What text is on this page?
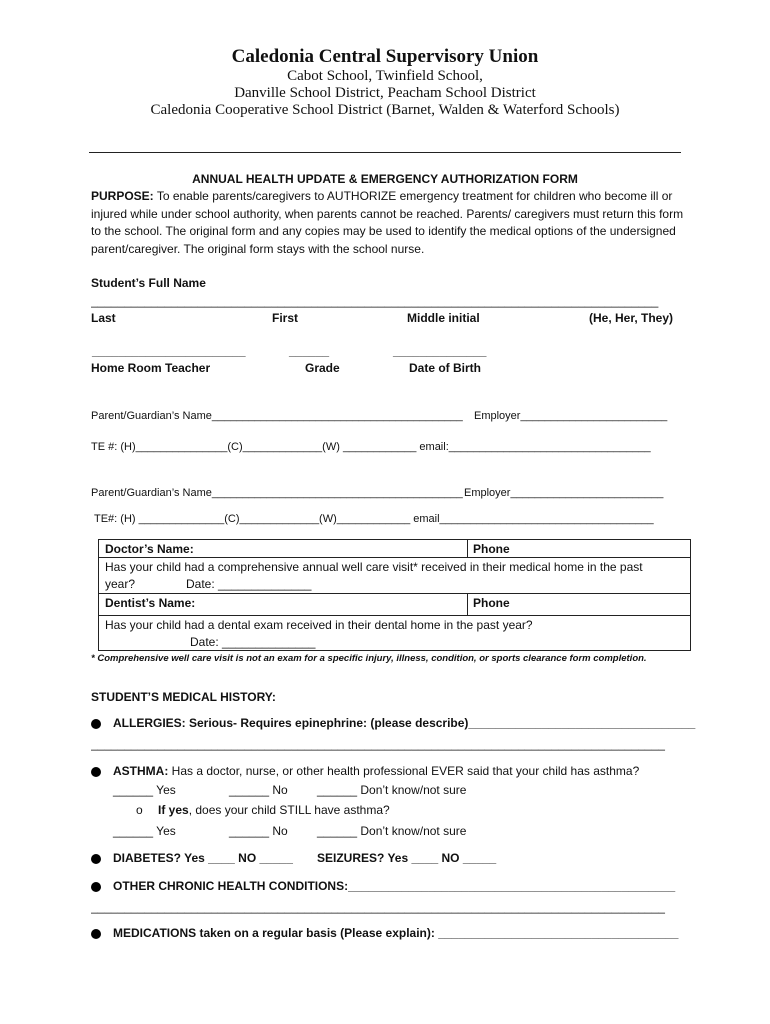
Caledonia Central Supervisory Union
Cabot School, Twinfield School,
Danville School District, Peacham School District
Caledonia Cooperative School District (Barnet, Walden & Waterford Schools)
ANNUAL HEALTH UPDATE & EMERGENCY AUTHORIZATION FORM
PURPOSE: To enable parents/caregivers to AUTHORIZE emergency treatment for children who become ill or injured while under school authority, when parents cannot be reached. Parents/ caregivers must return this form to the school. The original form and any copies may be used to identify the medical options of the undersigned parent/caregiver. The original form stays with the school nurse.
Student’s Full Name
_____________________________________________________________________________________
Last	First	Middle initial	(He, Her, They)
_______________________	______	______________
Home Room Teacher	Grade	Date of Birth
Parent/Guardian’s Name_________________________________________ Employer________________________
TE #: (H)_______________(C)_____________(W) ____________ email:_________________________________
Parent/Guardian’s Name_________________________________________ Employer_________________________
TE#: (H) ______________(C)_____________(W)____________ email___________________________________
Doctor’s Name:	Phone
Has your child had a comprehensive annual well care visit* received in their medical home in the past
year?	Date: ______________
Dentist’s Name:	Phone
Has your child had a dental exam received in their dental home in the past year?
Date: ______________
* Comprehensive well care visit is not an exam for a specific injury, illness, condition, or sports clearance form completion.
STUDENT’S MEDICAL HISTORY:
ALLERGIES: Serious- Requires epinephrine: (please describe)__________________________________
______________________________________________________________________________________
ASTHMA: Has a doctor, nurse, or other health professional EVER said that your child has asthma?
______ Yes	______ No ______ Don’t know/not sure
o If yes, does your child STILL have asthma?
______ Yes	______ No ______ Don’t know/not sure
DIABETES? Yes ____ NO _____ SEIZURES? Yes ____ NO _____
OTHER CHRONIC HEALTH CONDITIONS:_________________________________________________
______________________________________________________________________________________
MEDICATIONS taken on a regular basis (Please explain): ____________________________________
